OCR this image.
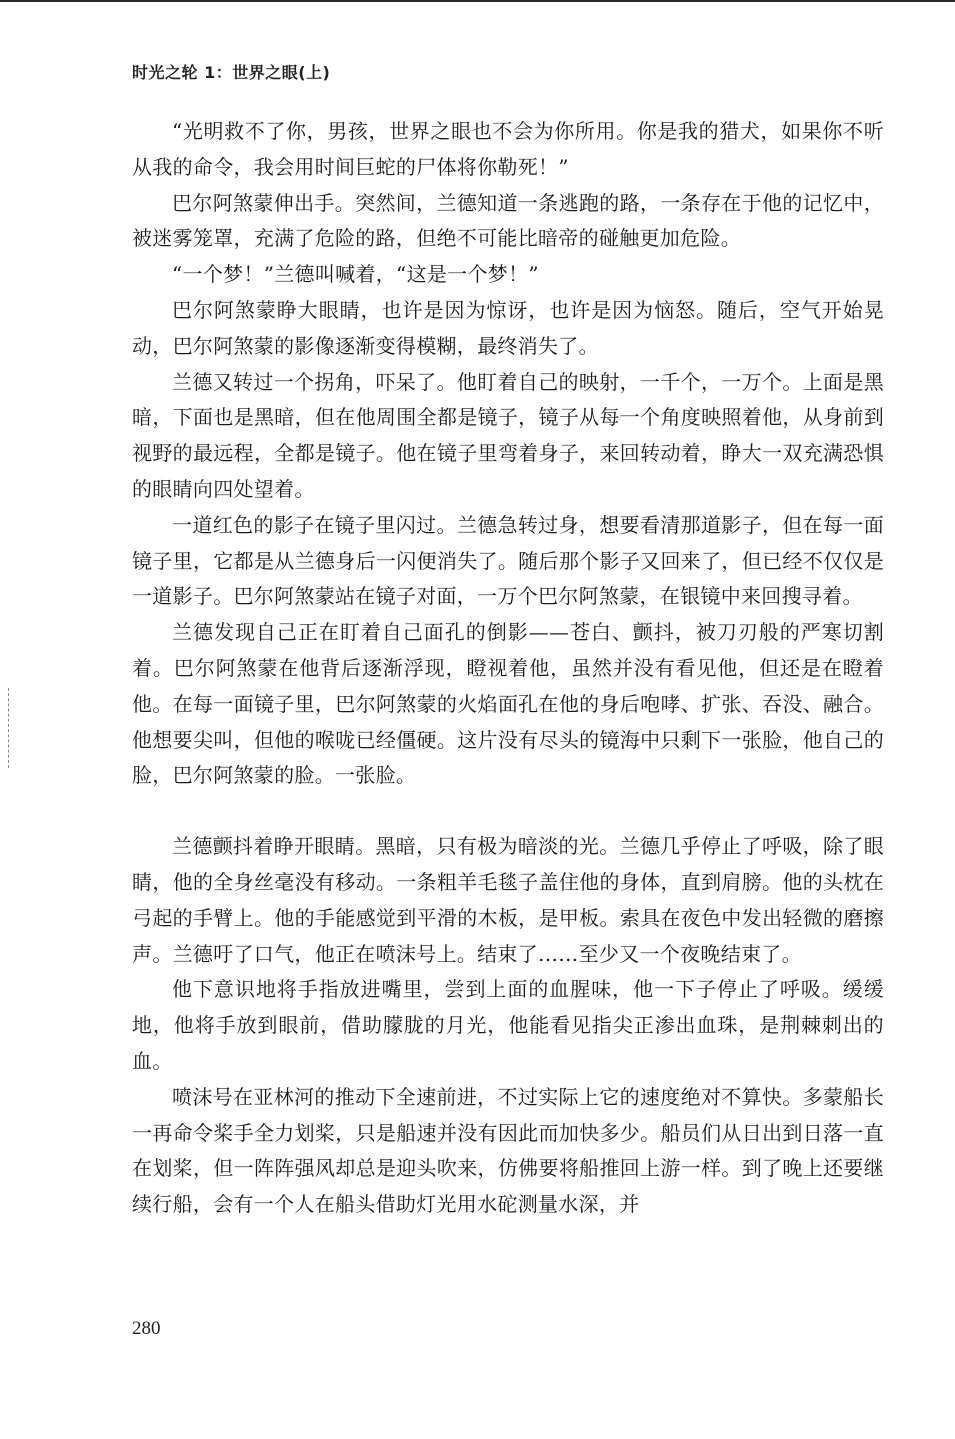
时光之轮 1：世界之眼(上)

“光明救不了你，男孩，世界之眼也不会为你所用。你是我的猎犬，如果你不听从我的命令，我会用时间巨蛇的尸体将你勒死！”

巴尔阿煞蒙伸出手。突然间，兰德知道一条逃跑的路，一条存在于他的记忆中，被迷雾笼罩，充满了危险的路，但绝不可能比暗帝的碰触更加危险。

“一个梦！”兰德叫喊着，“这是一个梦！”

巴尔阿煞蒙睁大眼睛，也许是因为惊讶，也许是因为恼怒。随后，空气开始晃动，巴尔阿煞蒙的影像逐渐变得模糊，最终消失了。

兰德又转过一个拐角，吓呆了。他盯着自己的映射，一千个，一万个。上面是黑暗，下面也是黑暗，但在他周围全都是镜子，镜子从每一个角度映照着他，从身前到视野的最远程，全都是镜子。他在镜子里弯着身子，来回转动着，睁大一双充满恐惧的眼睛向四处望着。

一道红色的影子在镜子里闪过。兰德急转过身，想要看清那道影子，但在每一面镜子里，它都是从兰德身后一闪便消失了。随后那个影子又回来了，但已经不仅仅是一道影子。巴尔阿煞蒙站在镜子对面，一万个巴尔阿煞蒙，在银镜中来回搜寻着。

兰德发现自己正在盯着自己面孔的倒影——苍白、颤抖，被刀刃般的严寒切割着。巴尔阿煞蒙在他背后逐渐浮现，瞪视着他，虽然并没有看见他，但还是在瞪着他。在每一面镜子里，巴尔阿煞蒙的火焰面孔在他的身后咆哮、扩张、吞没、融合。他想要尖叫，但他的喉咙已经僵硬。这片没有尽头的镜海中只剩下一张脸，他自己的脸，巴尔阿煞蒙的脸。一张脸。

兰德颤抖着睁开眼睛。黑暗，只有极为暗淡的光。兰德几乎停止了呼吸，除了眼睛，他的全身丝毫没有移动。一条粗羊毛毯子盖住他的身体，直到肩膀。他的头枕在弓起的手臂上。他的手能感觉到平滑的木板，是甲板。索具在夜色中发出轻微的磨擦声。兰德吁了口气，他正在喷沫号上。结束了……至少又一个夜晚结束了。

他下意识地将手指放进嘴里，尝到上面的血腥味，他一下子停止了呼吸。缓缓地，他将手放到眼前，借助朦胧的月光，他能看见指尖正渗出血珠，是荆棘刺出的血。

喷沫号在亚林河的推动下全速前进，不过实际上它的速度绝对不算快。多蒙船长一再命令桨手全力划桨，只是船速并没有因此而加快多少。船员们从日出到日落一直在划桨，但一阵阵强风却总是迎头吹来，仿佛要将船推回上游一样。到了晚上还要继续行船，会有一个人在船头借助灯光用水砣测量水深，并

280
